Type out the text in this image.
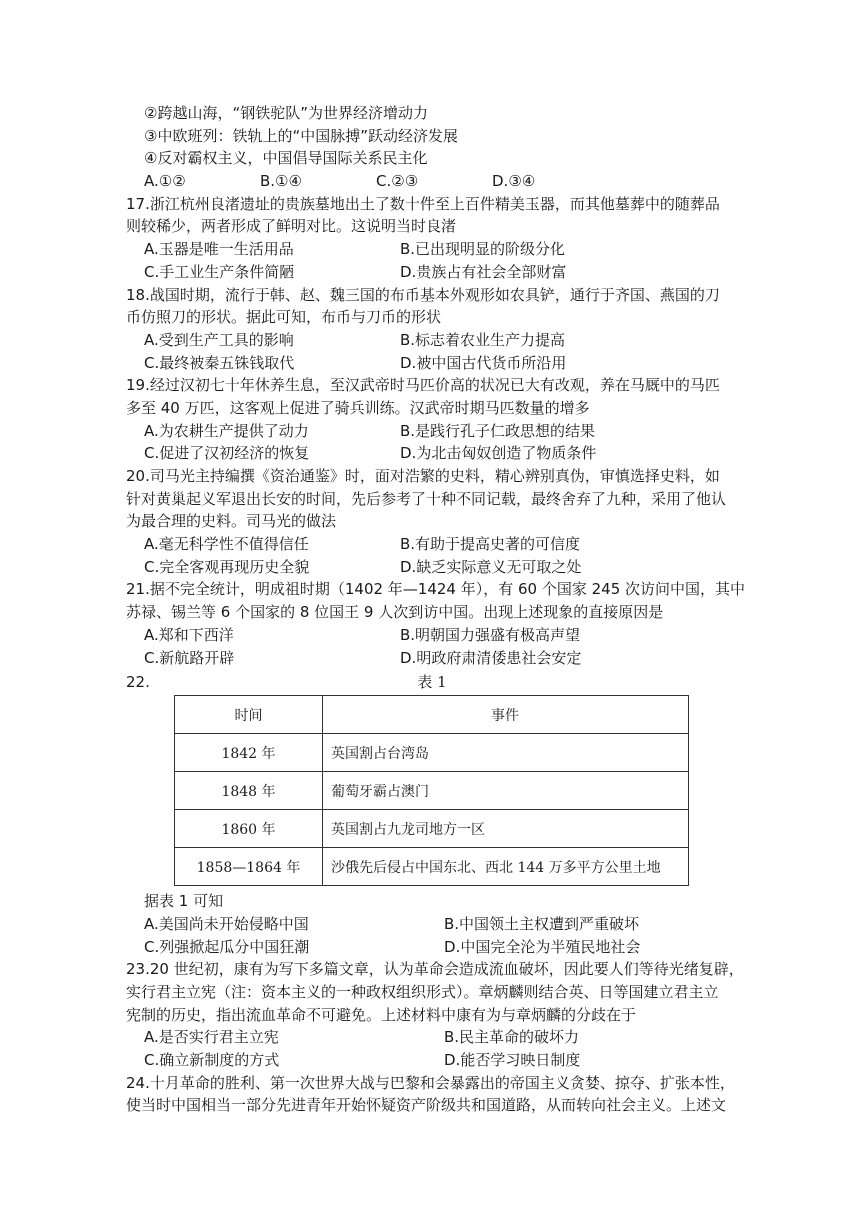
②跨越山海，“钢铁驼队”为世界经济增动力
③中欧班列：铁轨上的“中国脉搏”跃动经济发展
④反对霸权主义，中国倡导国际关系民主化
A.①②	B.①④	C.②③	D.③④
17.浙江杭州良渚遗址的贵族墓地出土了数十件至上百件精美玉器，而其他墓葬中的随葬品
则较稀少，两者形成了鲜明对比。这说明当时良渚
A.玉器是唯一生活用品	B.已出现明显的阶级分化
C.手工业生产条件简陋	D.贵族占有社会全部财富
18.战国时期，流行于韩、赵、魏三国的布币基本外观形如农具铲，通行于齐国、燕国的刀
币仿照刀的形状。据此可知，布币与刀币的形状
A.受到生产工具的影响	B.标志着农业生产力提高
C.最终被秦五铢钱取代	D.被中国古代货币所沿用
19.经过汉初七十年休养生息，至汉武帝时马匹价高的状况已大有改观，养在马厩中的马匹
多至 40 万匹，这客观上促进了骑兵训练。汉武帝时期马匹数量的增多
A.为农耕生产提供了动力	B.是践行孔子仁政思想的结果
C.促进了汉初经济的恢复	D.为北击匈奴创造了物质条件
20.司马光主持编撰《资治通鉴》时，面对浩繁的史料，精心辨别真伪，审慎选择史料，如
针对黄巢起义军退出长安的时间，先后参考了十种不同记载，最终舍弃了九种，采用了他认
为最合理的史料。司马光的做法
A.毫无科学性不值得信任	B.有助于提高史著的可信度
C.完全客观再现历史全貌	D.缺乏实际意义无可取之处
21.据不完全统计，明成祖时期（1402 年—1424 年），有 60 个国家 245 次访问中国，其中
苏禄、锡兰等 6 个国家的 8 位国王 9 人次到访中国。出现上述现象的直接原因是
A.郑和下西洋	B.明朝国力强盛有极高声望
C.新航路开辟	D.明政府肃清倭患社会安定
22.	表 1
时间	事件
1842 年	英国割占台湾岛
1848 年	葡萄牙霸占澳门
1860 年	英国割占九龙司地方一区
1858—1864 年	沙俄先后侵占中国东北、西北 144 万多平方公里土地
据表 1 可知
A.美国尚未开始侵略中国	B.中国领土主权遭到严重破坏
C.列强掀起瓜分中国狂潮	D.中国完全沦为半殖民地社会
23.20 世纪初，康有为写下多篇文章，认为革命会造成流血破坏，因此要人们等待光绪复辟，
实行君主立宪（注：资本主义的一种政权组织形式）。章炳麟则结合英、日等国建立君主立
宪制的历史，指出流血革命不可避免。上述材料中康有为与章炳麟的分歧在于
A.是否实行君主立宪	B.民主革命的破坏力
C.确立新制度的方式	D.能否学习映日制度
24.十月革命的胜利、第一次世界大战与巴黎和会暴露出的帝国主义贪婪、掠夺、扩张本性，
使当时中国相当一部分先进青年开始怀疑资产阶级共和国道路，从而转向社会主义。上述文
